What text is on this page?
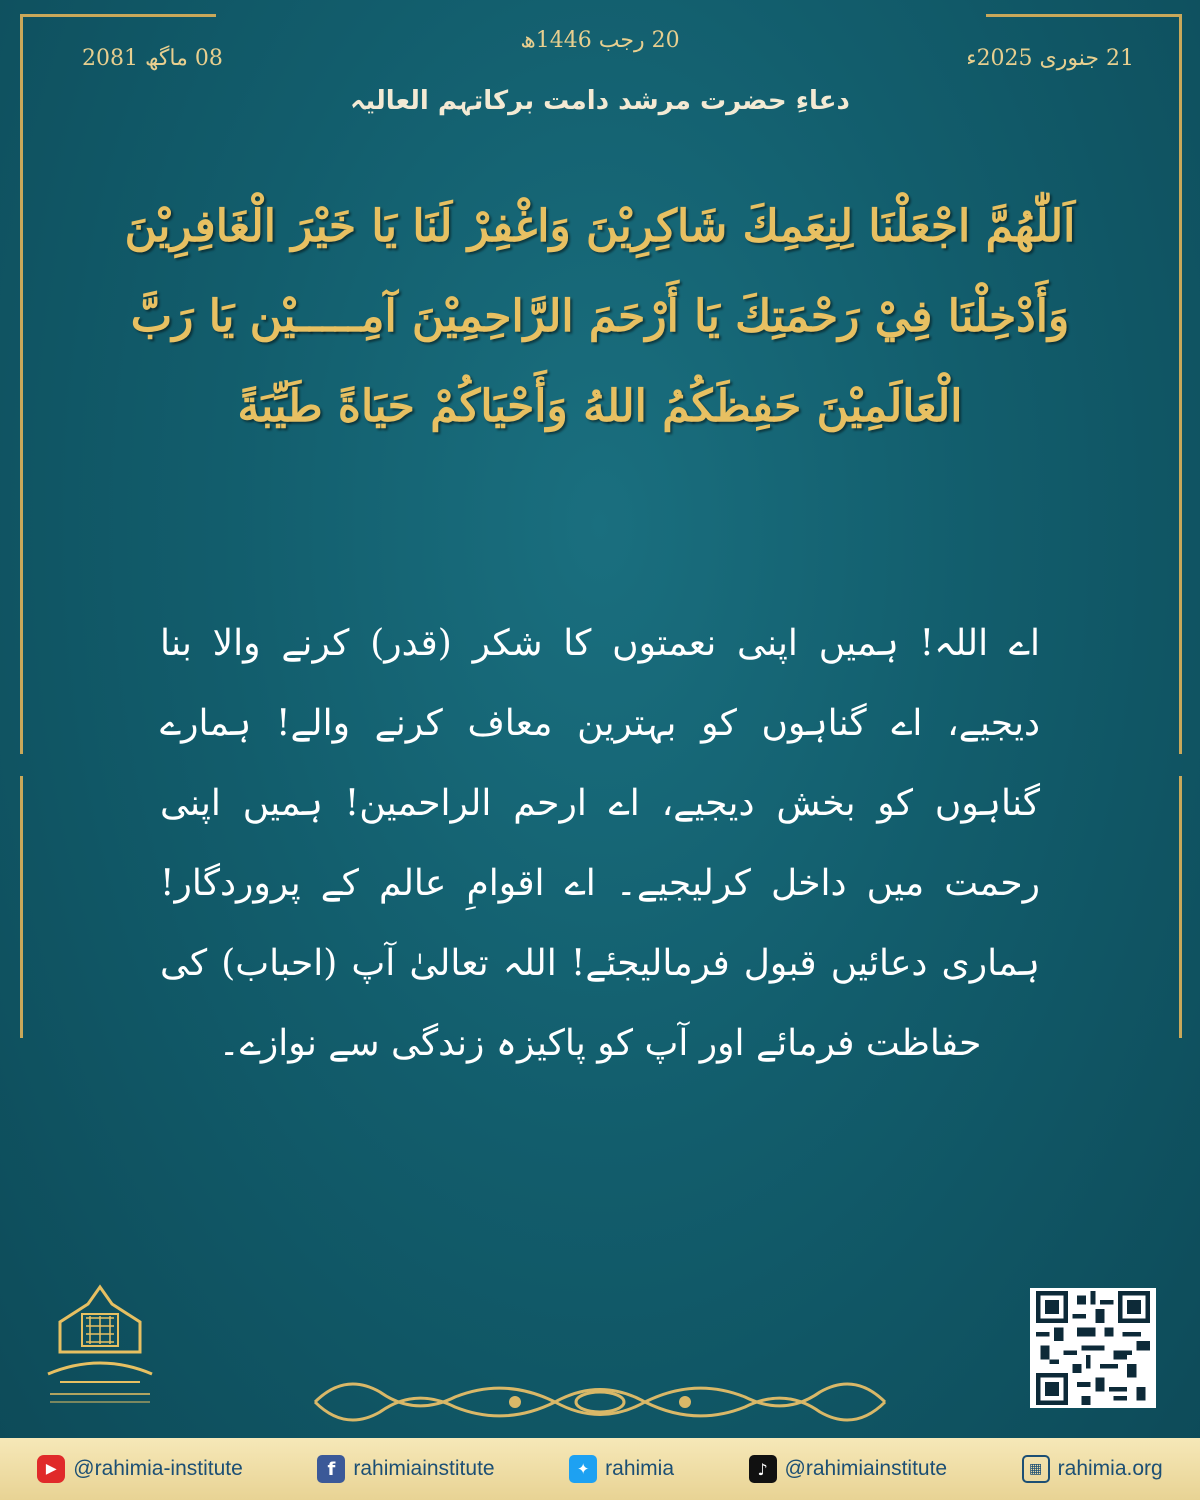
20 رجب 1446ھ
21 جنوری 2025ء
08 ماگھ 2081
دعاءِ حضرت مرشد دامت برکاتہم العالیہ
اَللّٰهُمَّ اجْعَلْنَا لِنِعَمِكَ شَاكِرِيْنَ وَاغْفِرْ لَنَا يَا خَيْرَ الْغَافِرِيْنَ وَأَدْخِلْنَا فِيْ رَحْمَتِكَ يَا أَرْحَمَ الرَّاحِمِيْنَ آمِـــــيْن يَا رَبَّ الْعَالَمِيْنَ حَفِظَكُمُ اللهُ وَأَحْيَاكُمْ حَيَاةً طَيِّبَةً
اے اللہ! ہمیں اپنی نعمتوں کا شکر (قدر) کرنے والا بنا دیجیے، اے گناہوں کو بہترین معاف کرنے والے! ہمارے گناہوں کو بخش دیجیے، اے ارحم الراحمین! ہمیں اپنی رحمت میں داخل کرلیجیے۔ اے اقوامِ عالم کے پروردگار! ہماری دعائیں قبول فرمالیجئے! اللہ تعالیٰ آپ (احباب) کی حفاظت فرمائے اور آپ کو پاکیزہ زندگی سے نوازے۔
▶ @rahimia-institute	f rahimiainstitute	✦ rahimia	♪ @rahimiainstitute	▦ rahimia.org
